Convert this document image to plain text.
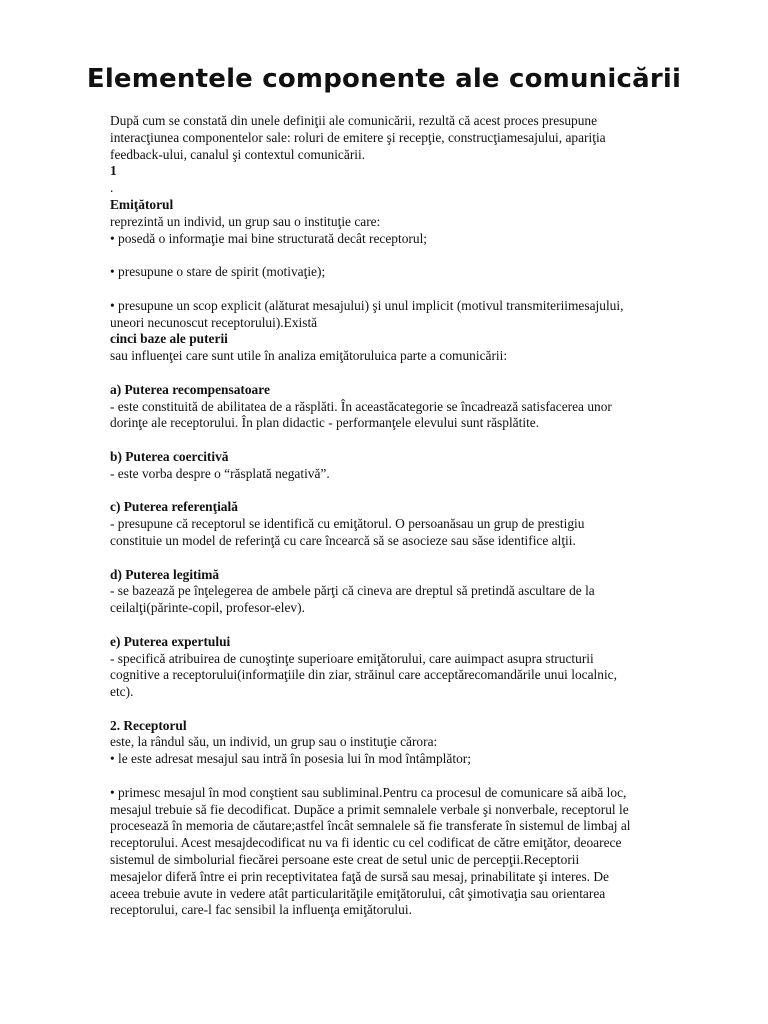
Elementele componente ale comunicării

După cum se constată din unele definiţii ale comunicării, rezultă că acest proces presupune

interacţiunea componentelor sale: roluri de emitere şi recepţie, construcţiamesajului, apariţia

feedback-ului, canalul şi contextul comunicării.

1

.

Emiţătorul

reprezintă un individ, un grup sau o instituţie care:

• posedă o informaţie mai bine structurată decât receptorul;

• presupune o stare de spirit (motivaţie);

• presupune un scop explicit (alăturat mesajului) şi unul implicit (motivul transmiteriimesajului,

uneori necunoscut receptorului).Există

cinci baze ale puterii

sau influenţei care sunt utile în analiza emiţătoruluica parte a comunicării:

a) Puterea recompensatoare

- este constituită de abilitatea de a răsplăti. În aceastăcategorie se încadrează satisfacerea unor

dorinţe ale receptorului. În plan didactic - performanţele elevului sunt răsplătite.

b) Puterea coercitivă

- este vorba despre o “răsplată negativă”.

c) Puterea referenţială

- presupune că receptorul se identifică cu emiţătorul. O persoanăsau un grup de prestigiu

constituie un model de referinţă cu care încearcă să se asocieze sau săse identifice alţii.

d) Puterea legitimă

- se bazează pe înţelegerea de ambele părţi că cineva are dreptul să pretindă ascultare de la

ceilalţi(părinte-copil, profesor-elev).

e) Puterea expertului

- specifică atribuirea de cunoştinţe superioare emiţătorului, care auimpact asupra structurii

cognitive a receptorului(informaţiile din ziar, străinul care acceptărecomandările unui localnic,

etc).

2. Receptorul

este, la rândul său, un individ, un grup sau o instituţie cărora:

• le este adresat mesajul sau intră în posesia lui în mod întâmplător;

• primesc mesajul în mod conştient sau subliminal.Pentru ca procesul de comunicare să aibă loc,

mesajul trebuie să fie decodificat. Dupăce a primit semnalele verbale şi nonverbale, receptorul le

procesează în memoria de căutare;astfel încât semnalele să fie transferate în sistemul de limbaj al

receptorului. Acest mesajdecodificat nu va fi identic cu cel codificat de către emiţător, deoarece

sistemul de simbolurial fiecărei persoane este creat de setul unic de percepţii.Receptorii

mesajelor diferă între ei prin receptivitatea faţă de sursă sau mesaj, prinabilitate şi interes. De

aceea trebuie avute in vedere atât particularităţile emiţătorului, cât şimotivaţia sau orientarea

receptorului, care-l fac sensibil la influenţa emiţătorului.
